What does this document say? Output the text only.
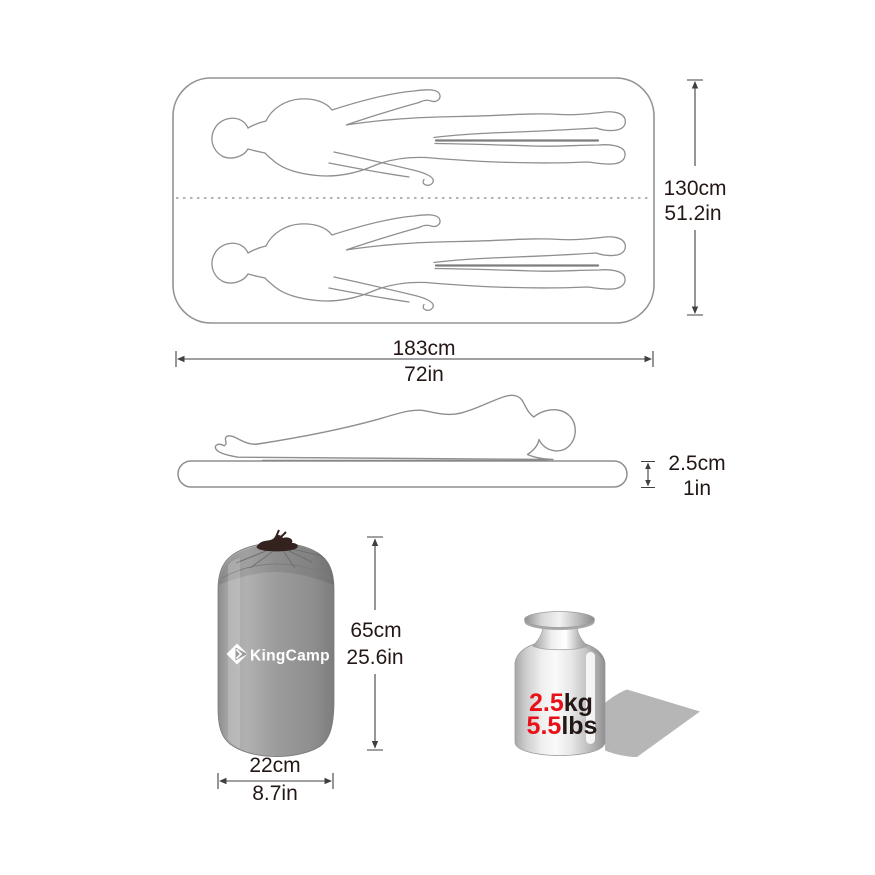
130cm
51.2in
183cm
72in
2.5cm
1in
KingCamp
65cm
25.6in
22cm
8.7in
2.5kg
5.5lbs
